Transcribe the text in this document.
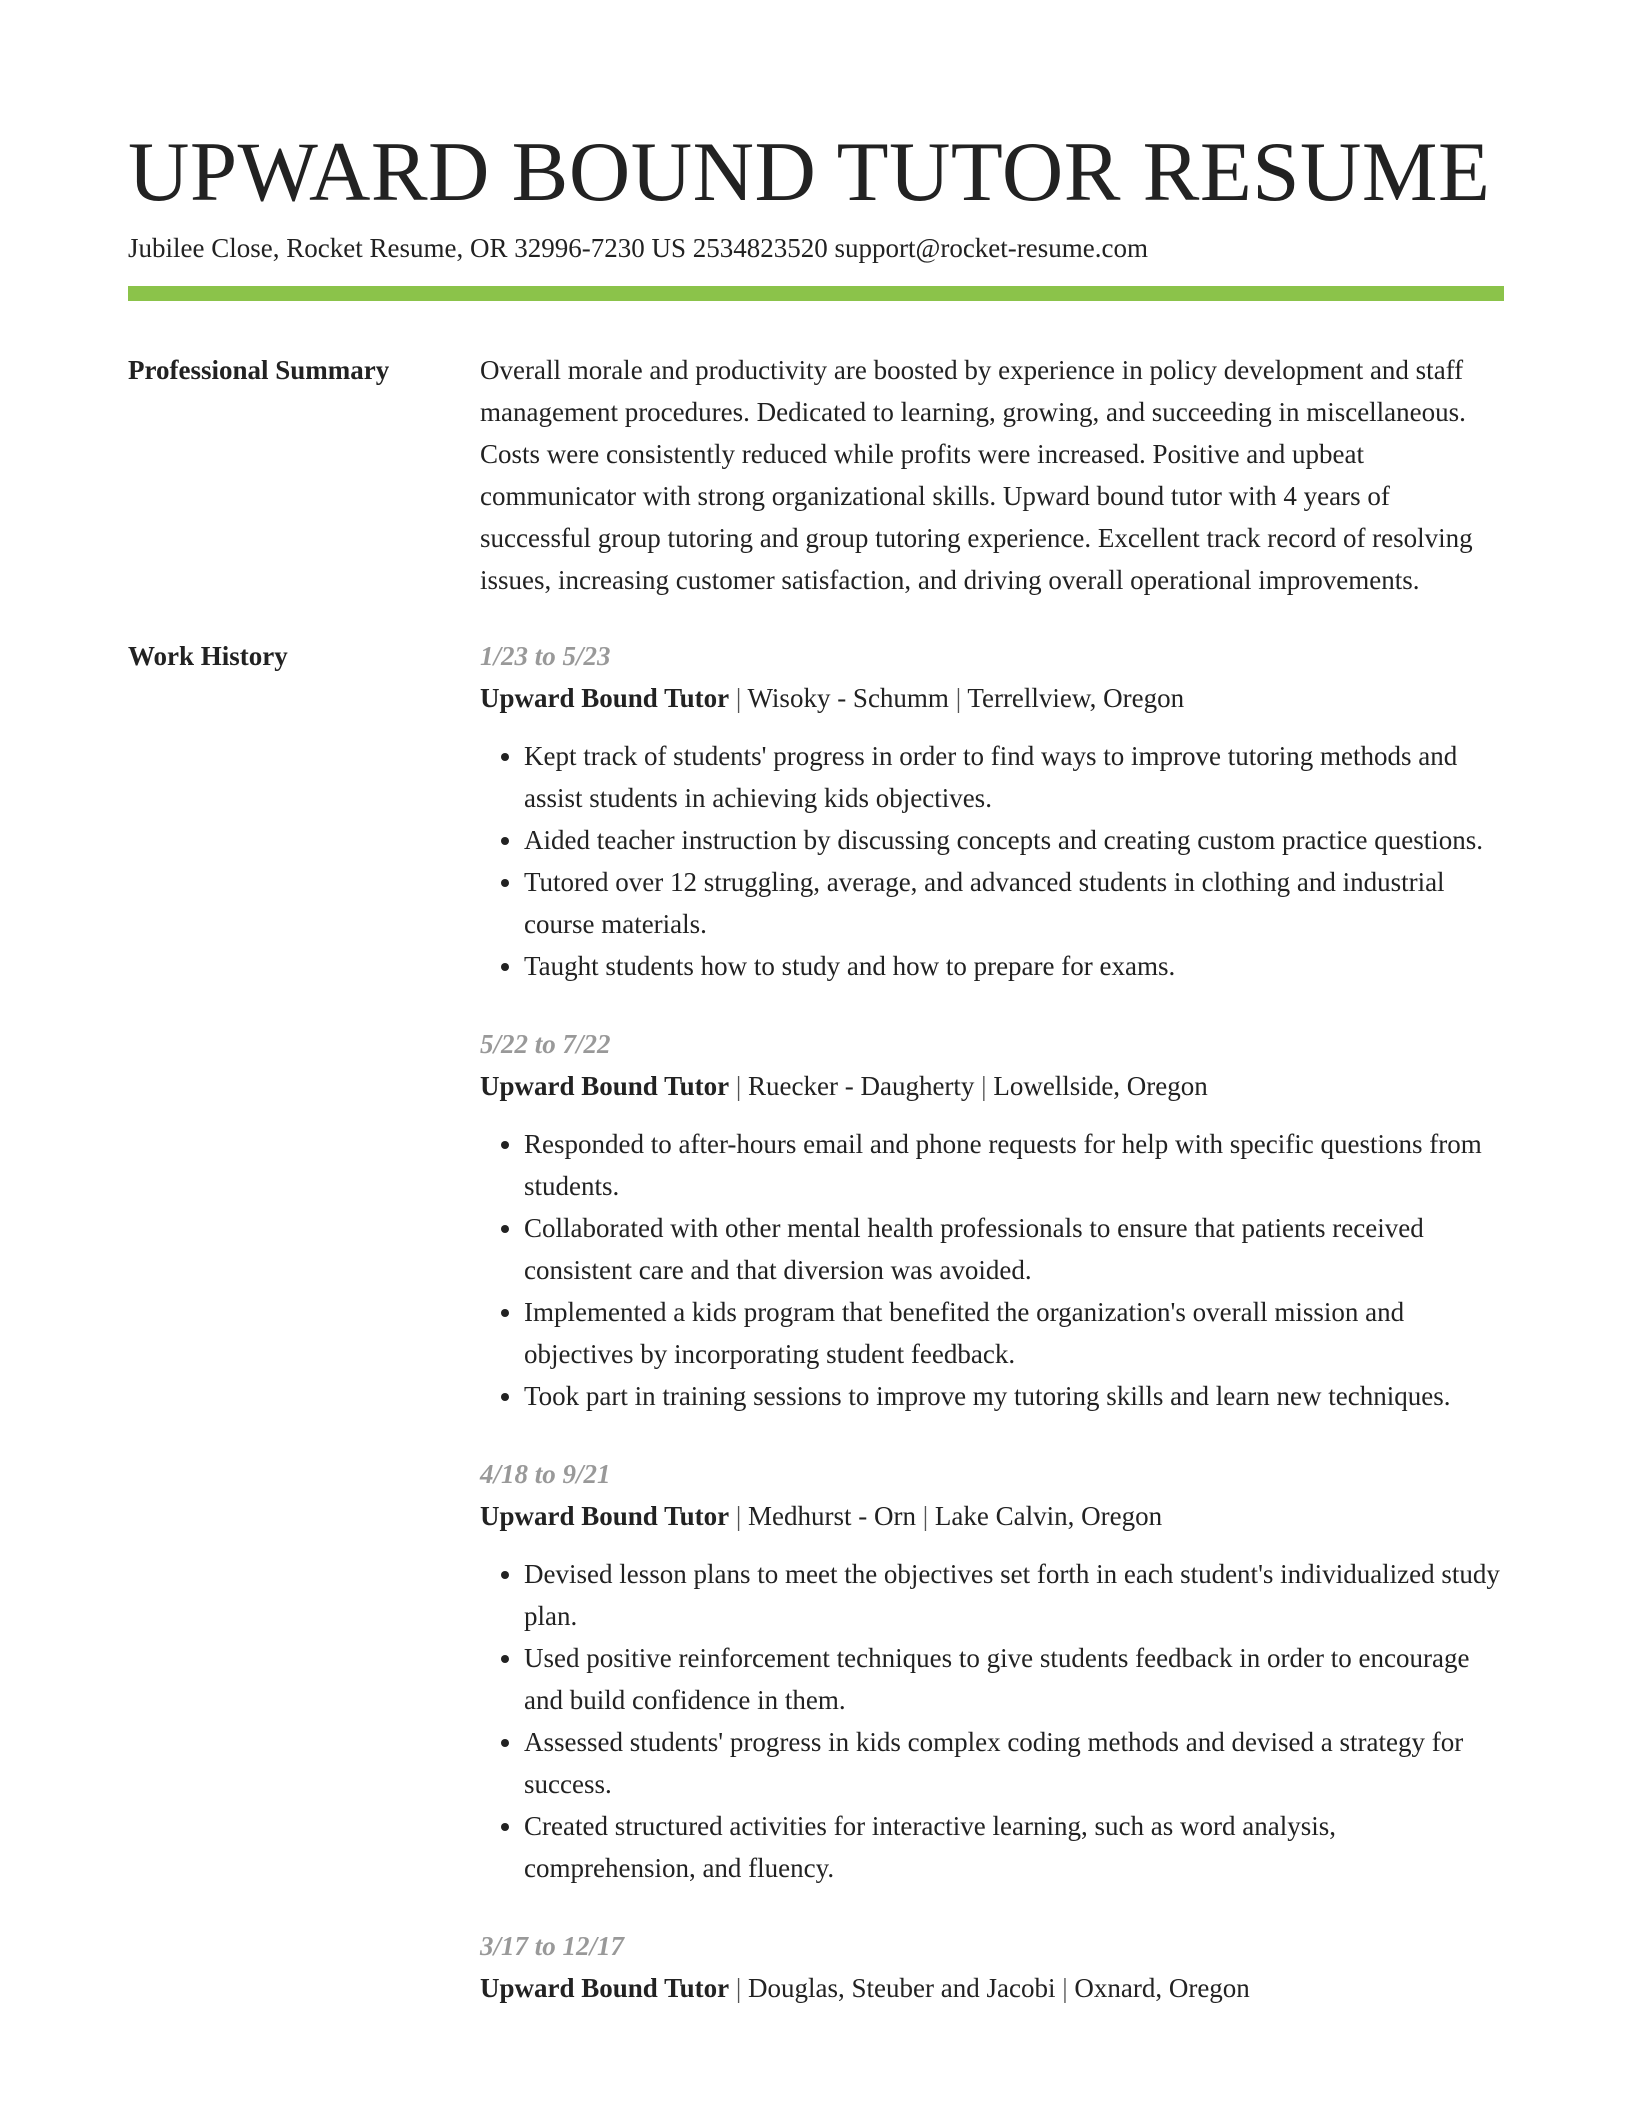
UPWARD BOUND TUTOR RESUME
Jubilee Close, Rocket Resume, OR 32996-7230 US 2534823520 support@rocket-resume.com
Professional Summary	Overall morale and productivity are boosted by experience in policy development and staff management procedures. Dedicated to learning, growing, and succeeding in miscellaneous. Costs were consistently reduced while profits were increased. Positive and upbeat communicator with strong organizational skills. Upward bound tutor with 4 years of successful group tutoring and group tutoring experience. Excellent track record of resolving issues, increasing customer satisfaction, and driving overall operational improvements.

Work History	1/23 to 5/23
Upward Bound Tutor | Wisoky - Schumm | Terrellview, Oregon
• Kept track of students' progress in order to find ways to improve tutoring methods and assist students in achieving kids objectives.
• Aided teacher instruction by discussing concepts and creating custom practice questions.
• Tutored over 12 struggling, average, and advanced students in clothing and industrial course materials.
• Taught students how to study and how to prepare for exams.
5/22 to 7/22
Upward Bound Tutor | Ruecker - Daugherty | Lowellside, Oregon
• Responded to after-hours email and phone requests for help with specific questions from students.
• Collaborated with other mental health professionals to ensure that patients received consistent care and that diversion was avoided.
• Implemented a kids program that benefited the organization's overall mission and objectives by incorporating student feedback.
• Took part in training sessions to improve my tutoring skills and learn new techniques.
4/18 to 9/21
Upward Bound Tutor | Medhurst - Orn | Lake Calvin, Oregon
• Devised lesson plans to meet the objectives set forth in each student's individualized study plan.
• Used positive reinforcement techniques to give students feedback in order to encourage and build confidence in them.
• Assessed students' progress in kids complex coding methods and devised a strategy for success.
• Created structured activities for interactive learning, such as word analysis, comprehension, and fluency.
3/17 to 12/17
Upward Bound Tutor | Douglas, Steuber and Jacobi | Oxnard, Oregon
